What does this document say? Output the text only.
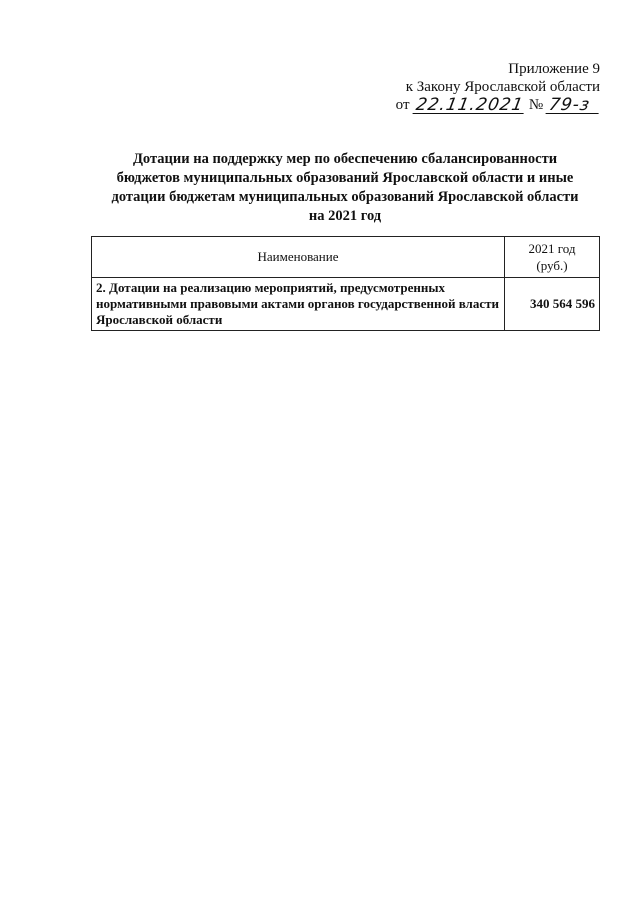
Приложение 9
к Закону Ярославской области
от 22.11.2021 № 79-з
Дотации на поддержку мер по обеспечению сбалансированности
бюджетов муниципальных образований Ярославской области и иные
дотации бюджетам муниципальных образований Ярославской области
на 2021 год
Наименование	2021 год
(руб.)
2. Дотации на реализацию мероприятий, предусмотренных нормативными правовыми актами органов государственной власти Ярославской области	340 564 596
